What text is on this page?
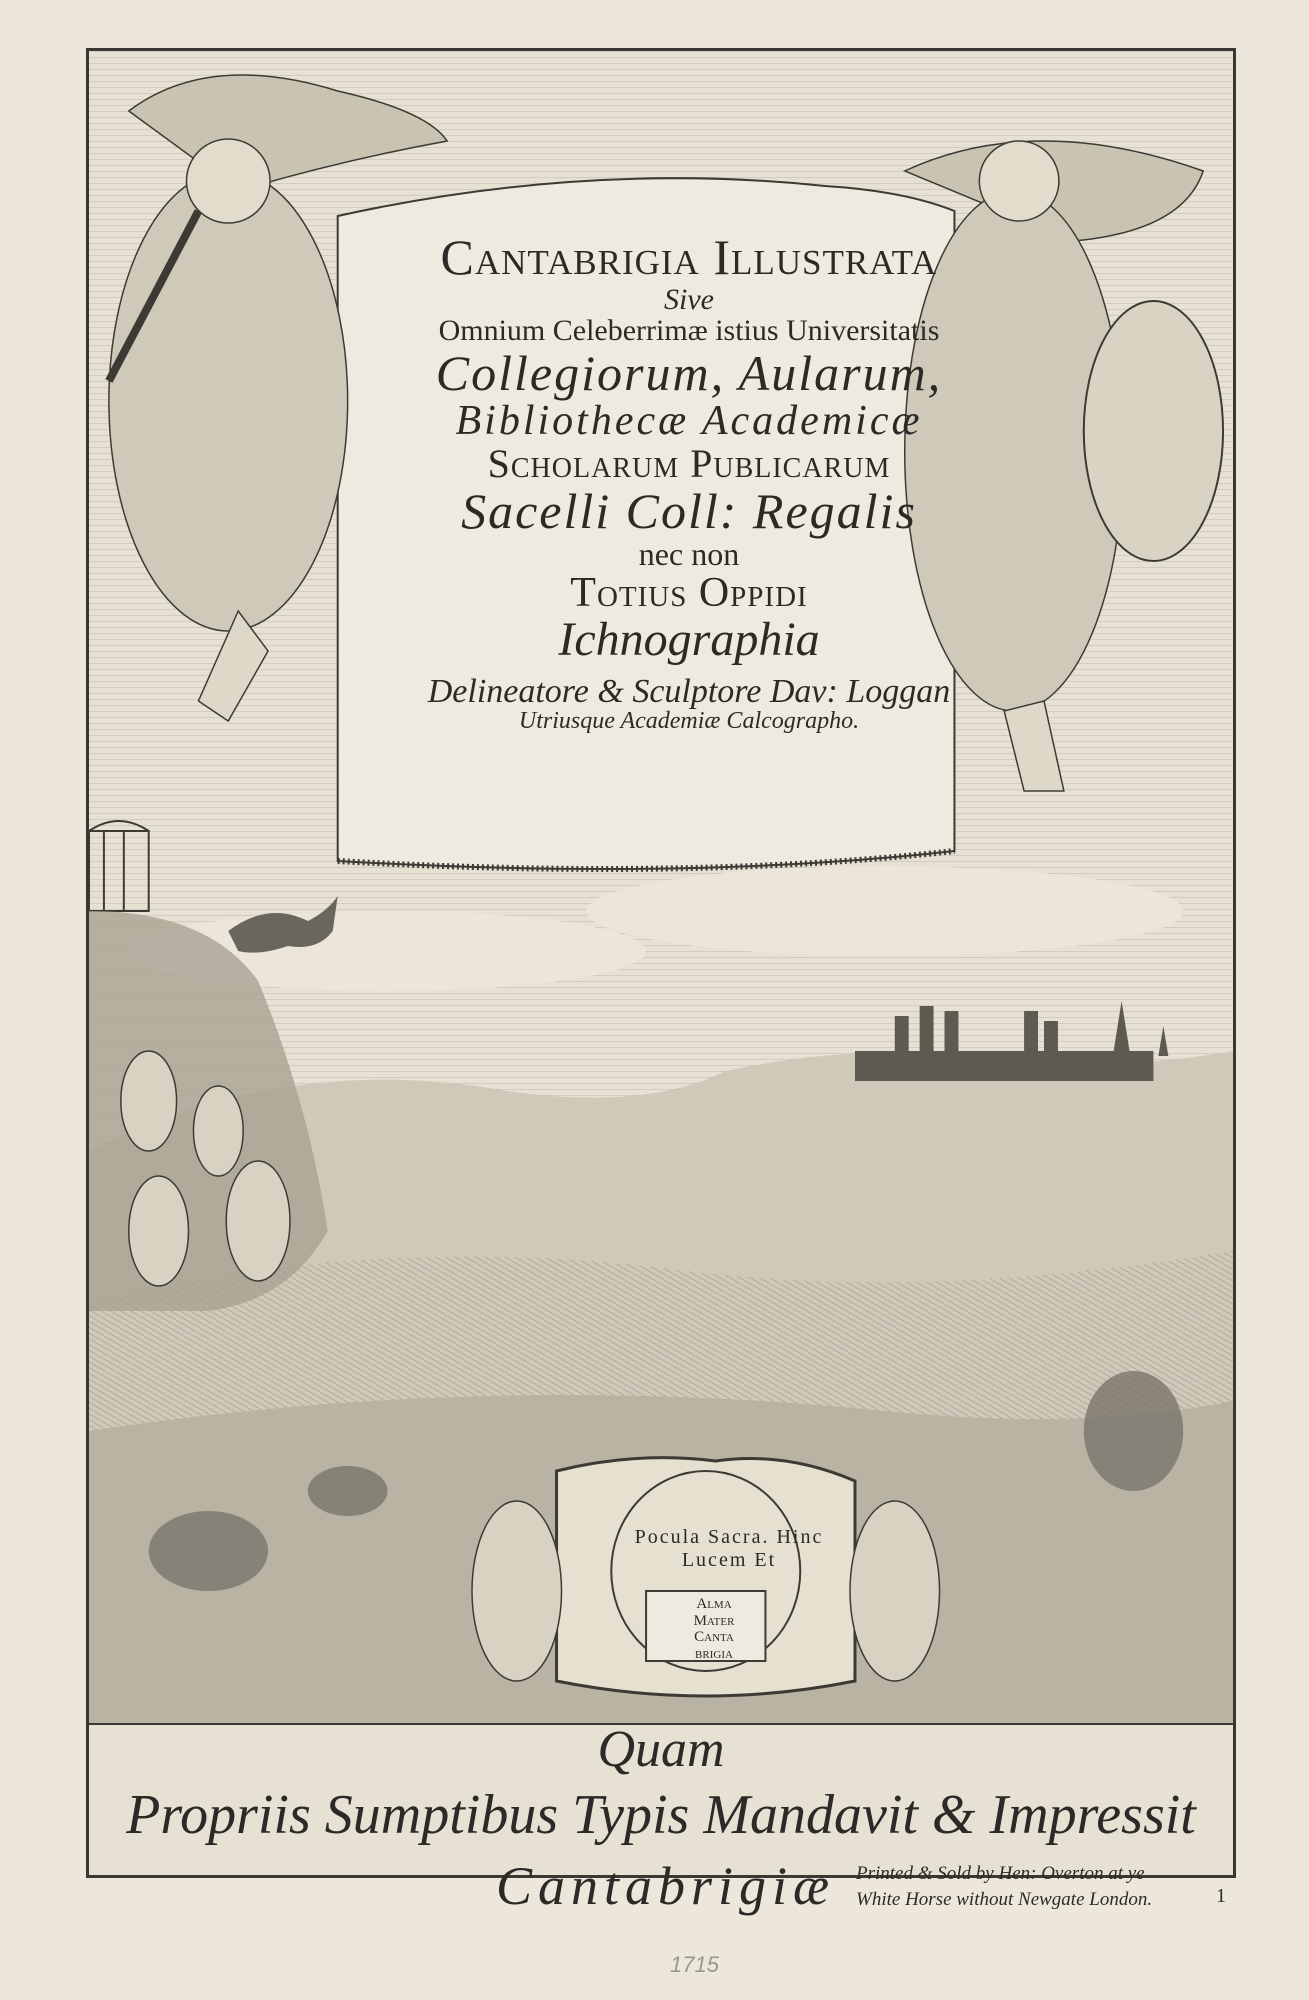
Cantabrigia Illustrata
Sive
Omnium Celeberrimæ istius Universitatis
Collegiorum, Aularum,
Bibliothecæ Academicæ
Scholarum Publicarum
Sacelli Coll: Regalis
nec non
Totius Oppidi
Ichnographia
Delineatore & Sculptore Dav: Loggan
Utriusque Academiæ Calcographo.
Pocula Sacra. Hinc Lucem Et
Alma
Mater
Canta
brigia
Quam
Propriis Sumptibus Typis Mandavit & Impressit
Cantabrigiæ Printed & Sold by Hen: Overton at ye
White Horse without Newgate London.	1
1715
